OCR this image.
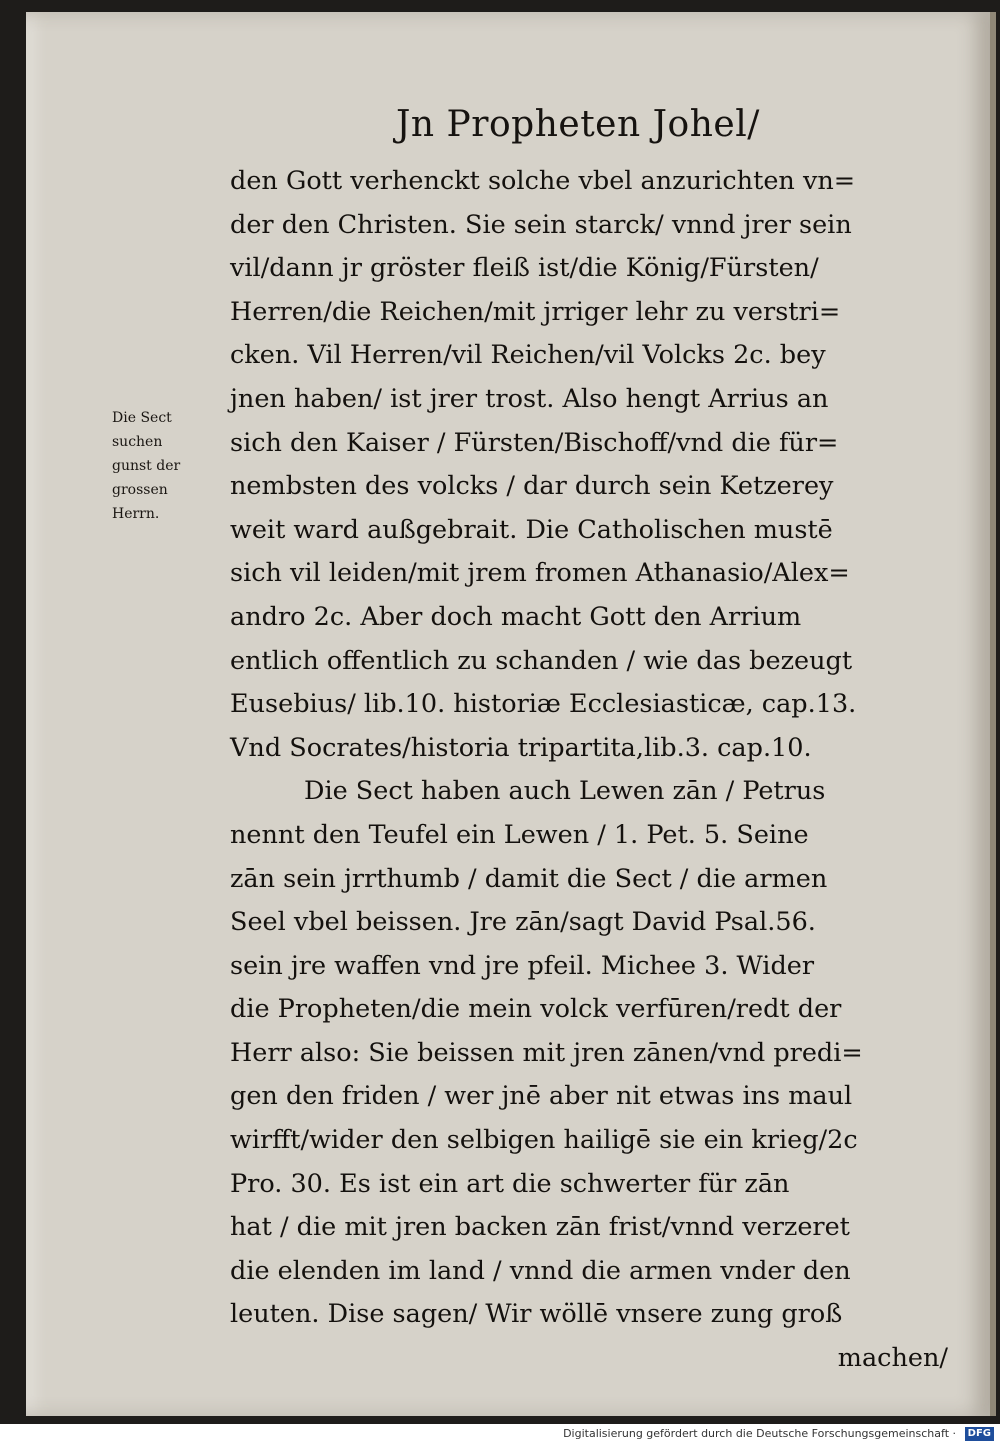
Jn Propheten Johel/
den Gott verhenckt solche vbel anzurichten vn=
der den Christen. Sie sein starck/ vnnd jrer sein
vil/dann jr gröster fleiß ist/die König/Fürsten/
Herren/die Reichen/mit jrriger lehr zu verstri=
cken. Vil Herren/vil Reichen/vil Volcks 2c. bey
jnen haben/ ist jrer trost. Also hengt Arrius an
sich den Kaiser / Fürsten/Bischoff/vnd die für=
nembsten des volcks / dar durch sein Ketzerey
weit ward außgebrait. Die Catholischen mustē
sich vil leiden/mit jrem fromen Athanasio/Alex=
andro 2c. Aber doch macht Gott den Arrium
entlich offentlich zu schanden / wie das bezeugt
Eusebius/ lib.10. historiæ Ecclesiasticæ, cap.13.
Vnd Socrates/historia tripartita,lib.3. cap.10.
Die Sect haben auch Lewen zān / Petrus
nennt den Teufel ein Lewen / 1. Pet. 5. Seine
zān sein jrrthumb / damit die Sect / die armen
Seel vbel beissen. Jre zān/sagt David Psal.56.
sein jre waffen vnd jre pfeil. Michee 3. Wider
die Propheten/die mein volck verfūren/redt der
Herr also: Sie beissen mit jren zānen/vnd predi=
gen den friden / wer jnē aber nit etwas ins maul
wirfft/wider den selbigen hailigē sie ein krieg/2c
Pro. 30. Es ist ein art die schwerter für zān
hat / die mit jren backen zān frist/vnnd verzeret
die elenden im land / vnnd die armen vnder den
leuten. Dise sagen/ Wir wöllē vnsere zung groß
machen/
Die Sect
suchen
gunst der
grossen
Herrn.
Digitalisierung gefördert durch die Deutsche Forschungsgemeinschaft ·	DFG
